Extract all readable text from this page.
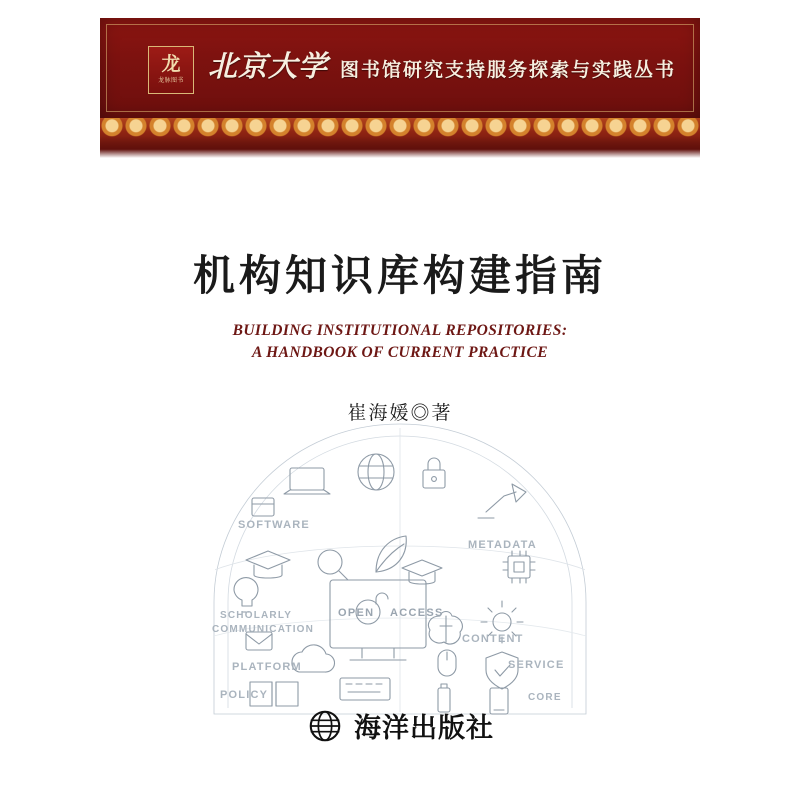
龙
龙脉图书 北京大学 图书馆研究支持服务探索与实践丛书
机构知识库构建指南
BUILDING INSTITUTIONAL REPOSITORIES:
A HANDBOOK OF CURRENT PRACTICE
崔海媛◎著
SOFTWARE
METADATA
SCHOLARLY
COMMUNICATION
CONTENT
SERVICE
CORE
POLICY
PLATFORM
OPEN ACCESS
海洋出版社
